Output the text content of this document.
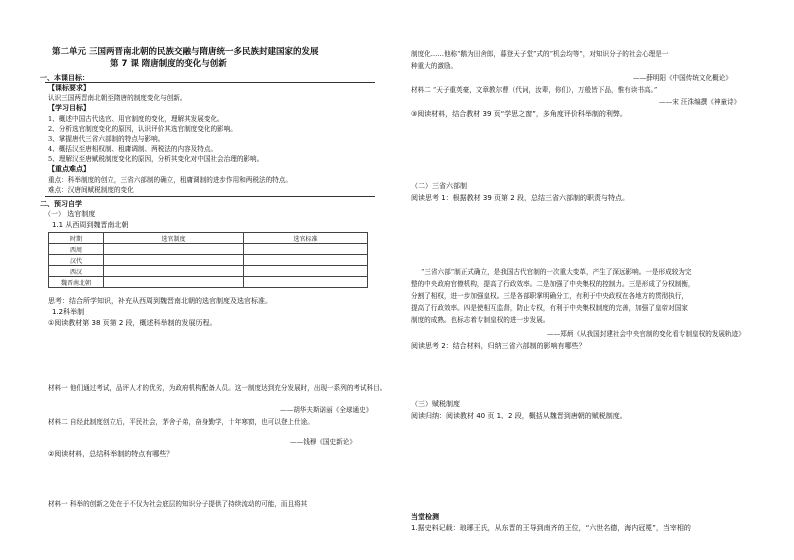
第二单元 三国两晋南北朝的民族交融与隋唐统一多民族封建国家的发展
第 7 课 隋唐制度的变化与创新
一、本课目标：
【课标要求】
认识三国两晋南北朝至隋唐的制度变化与创新。
【学习目标】
1、概述中国古代选官、用官制度的变化，理解其发展变化。
2、分析选官制度变化的原因，认识评价其选官制度变化的影响。
3、掌握唐代三省六部制的特点与影响。
4、概括汉至唐相权制、租庸调制、两税法的内容及特点。
5、理解汉至唐赋税制度变化的原因，分析其变化对中国社会治理的影响。
【重点难点】
重点：科举制度的创立，三省六部制的确立，租庸调制的进步作用和两税法的特点。
难点：汉唐间赋税制度的变化
二、预习自学
（一） 选官制度
1.1 从西周到魏晋南北朝
时期	选官制度	选官标准
西周		
汉代		
西汉		
魏晋南北朝		
思考：结合所学知识，补充从西周到魏晋南北朝的选官制度及选官标准。
1.2科举制
①阅读教材第 38 页第 2 段，概述科举制的发展历程。
材料一 他们通过考试，品评人才的优劣，为政府机构配备人员。这一制度达到充分发展时，出现一系列的考试科目。
——胡华夫斯诺丽《全球通史》
材料二 自经此制度创立后，平民社会，茅舍子弟，奋身勤学，十年寒窗，也可以登上仕途。
——钱穆《国史新论》
②阅读材料，总结科举制的特点有哪些？
材料一 科举的创新之处在于不仅为社会底层的知识分子提供了持续流动的可能，而且将其
制度化……他称“鹅为田舍郎，暮登天子堂”式的“机会均等”，对知识分子的社会心理是一
种重大的激励。
——薛明阳《中国传统文化概论》
材料二 “天子重英豪，文章教尔曹（代词，汝辈，你们），万般皆下品，惟有读书高。”
——宋 汪洙编撰《神童诗》
③阅读材料，结合教材 39 页“学思之窗”，多角度评价科举制的利弊。
（二）三省六部制
阅读思考 1：根据教材 39 页第 2 段，总结三省六部制的职责与特点。
“三省六部”制正式确立，是我国古代官制的一次重大变革，产生了深远影响。一是形成较为完
整的中央政府官僚机构，提高了行政效率。二是加强了中央集权的控制力。三是形成了分权制衡，
分割了相权，进一步加强皇权。三是各部职掌明确分工，有利于中央政权在各地方的贯彻执行，
提高了行政效率。四是使相互监督，防止专权，有利于中央集权制度的完善，加强了皇帝对国家
制度的成熟。也标志着专制皇权的进一步发展。
——郑炳《从我国封建社会中央官制的变化看专制皇权的发展轨迹》
阅读思考 2：结合材料，归纳三省六部制的影响有哪些？
（三）赋税制度
阅读归纳：阅读教材 40 页 1、2 段，概括从魏晋到唐朝的赋税制度。
当堂检测
1.据史料记载：琅琊王氏，从东晋的王导到南齐的王位，“六世名德，海内冠冕”，当宰相的
